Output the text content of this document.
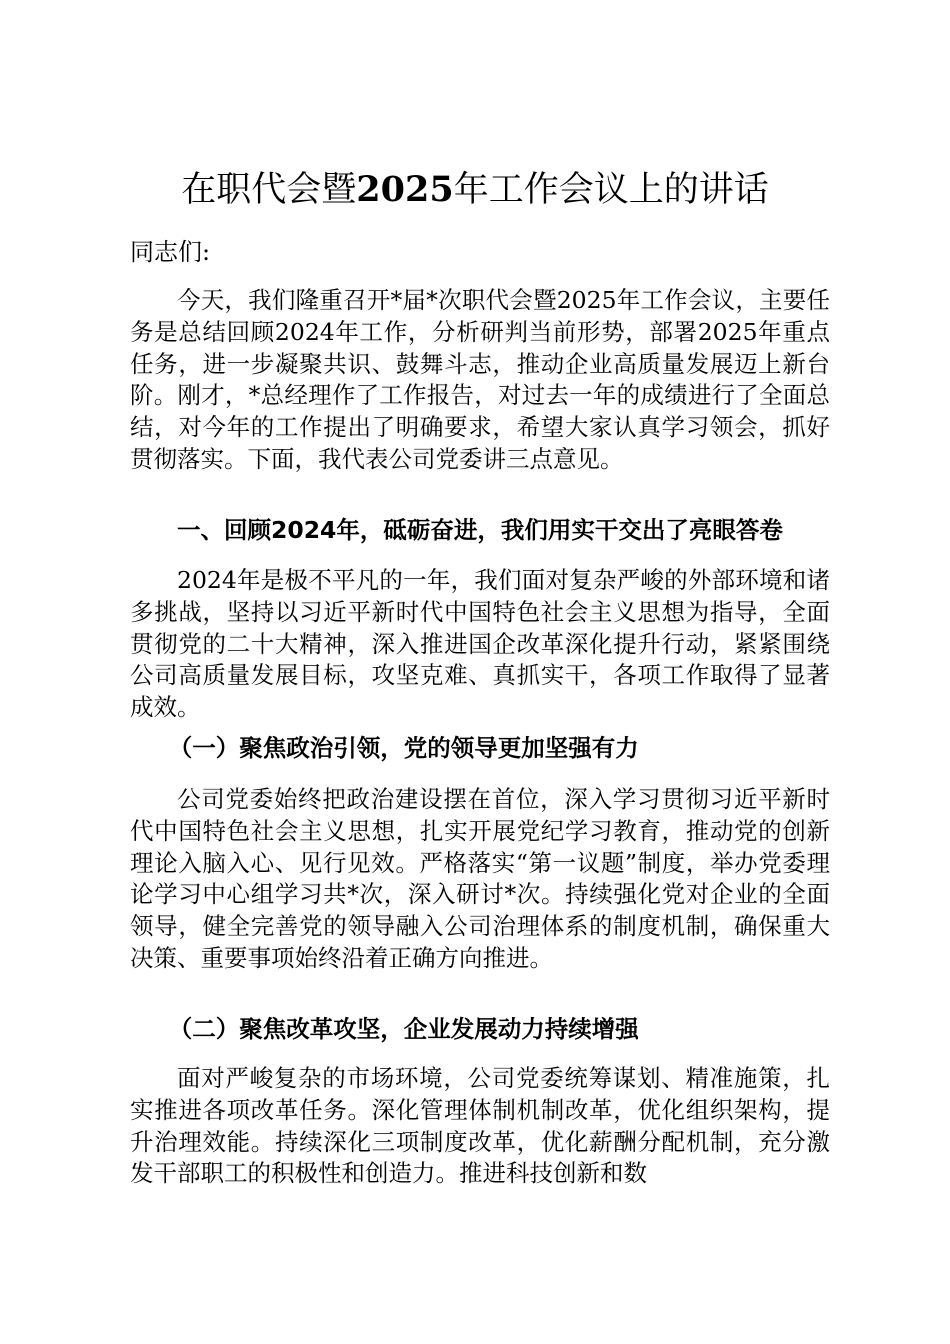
在职代会暨2025年工作会议上的讲话
同志们:
今天，我们隆重召开*届*次职代会暨2025年工作会议，主要任务是总结回顾2024年工作，分析研判当前形势，部署2025年重点任务，进一步凝聚共识、鼓舞斗志，推动企业高质量发展迈上新台阶。刚才，*总经理作了工作报告，对过去一年的成绩进行了全面总结，对今年的工作提出了明确要求，希望大家认真学习领会，抓好贯彻落实。下面，我代表公司党委讲三点意见。
一、回顾2024年，砥砺奋进，我们用实干交出了亮眼答卷
2024年是极不平凡的一年，我们面对复杂严峻的外部环境和诸多挑战，坚持以习近平新时代中国特色社会主义思想为指导，全面贯彻党的二十大精神，深入推进国企改革深化提升行动，紧紧围绕公司高质量发展目标，攻坚克难、真抓实干，各项工作取得了显著成效。
（一）聚焦政治引领，党的领导更加坚强有力
公司党委始终把政治建设摆在首位，深入学习贯彻习近平新时代中国特色社会主义思想，扎实开展党纪学习教育，推动党的创新理论入脑入心、见行见效。严格落实“第一议题”制度，举办党委理论学习中心组学习共*次，深入研讨*次。持续强化党对企业的全面领导，健全完善党的领导融入公司治理体系的制度机制，确保重大决策、重要事项始终沿着正确方向推进。
（二）聚焦改革攻坚，企业发展动力持续增强
面对严峻复杂的市场环境，公司党委统筹谋划、精准施策，扎实推进各项改革任务。深化管理体制机制改革，优化组织架构，提升治理效能。持续深化三项制度改革，优化薪酬分配机制，充分激发干部职工的积极性和创造力。推进科技创新和数
